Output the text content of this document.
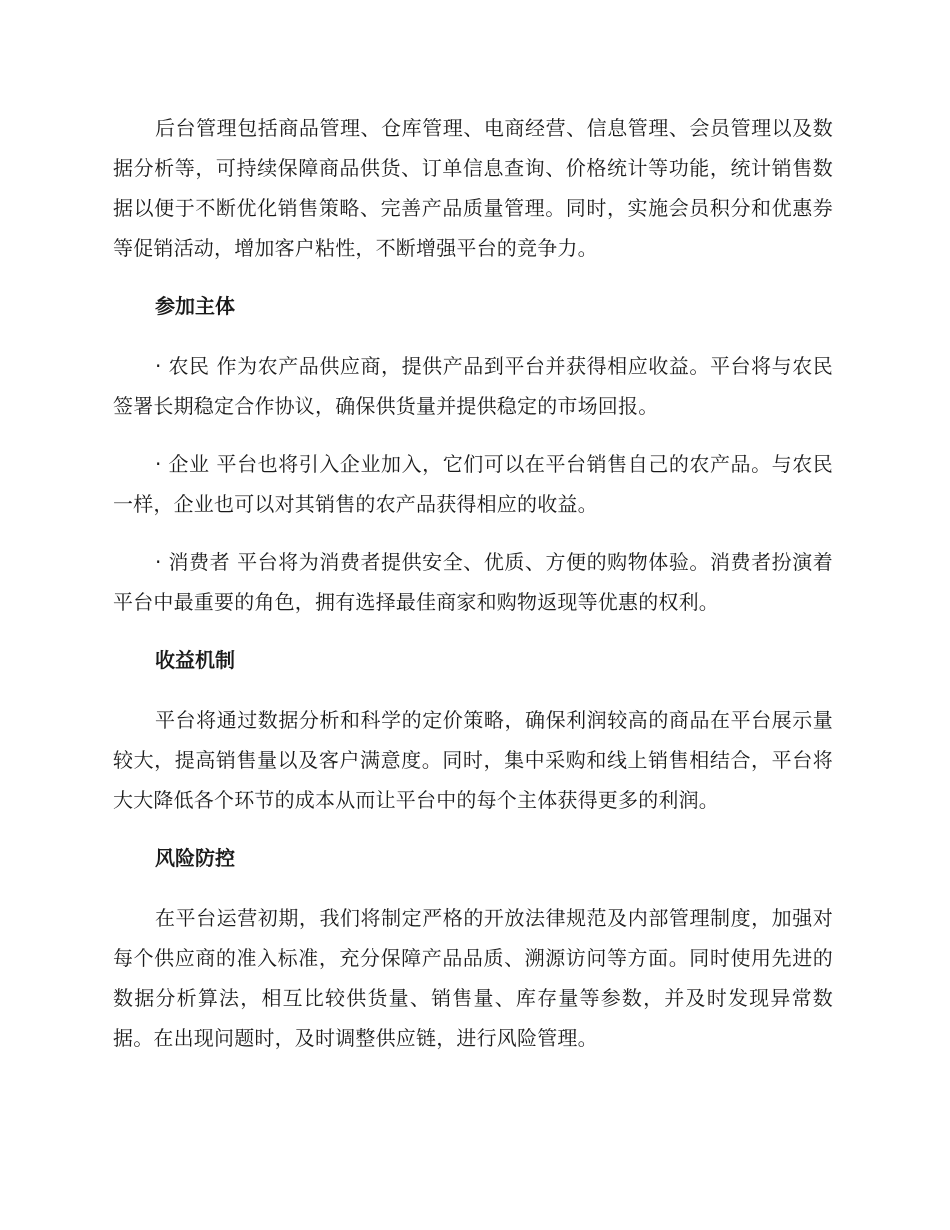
后台管理包括商品管理、仓库管理、电商经营、信息管理、会员管理以及数据分析等，可持续保障商品供货、订单信息查询、价格统计等功能，统计销售数据以便于不断优化销售策略、完善产品质量管理。同时，实施会员积分和优惠券等促销活动，增加客户粘性，不断增强平台的竞争力。

参加主体

· 农民 作为农产品供应商，提供产品到平台并获得相应收益。平台将与农民签署长期稳定合作协议，确保供货量并提供稳定的市场回报。

· 企业 平台也将引入企业加入，它们可以在平台销售自己的农产品。与农民一样，企业也可以对其销售的农产品获得相应的收益。

· 消费者 平台将为消费者提供安全、优质、方便的购物体验。消费者扮演着平台中最重要的角色，拥有选择最佳商家和购物返现等优惠的权利。

收益机制

平台将通过数据分析和科学的定价策略，确保利润较高的商品在平台展示量较大，提高销售量以及客户满意度。同时，集中采购和线上销售相结合，平台将大大降低各个环节的成本从而让平台中的每个主体获得更多的利润。

风险防控

在平台运营初期，我们将制定严格的开放法律规范及内部管理制度，加强对每个供应商的准入标准，充分保障产品品质、溯源访问等方面。同时使用先进的数据分析算法，相互比较供货量、销售量、库存量等参数，并及时发现异常数据。在出现问题时，及时调整供应链，进行风险管理。
